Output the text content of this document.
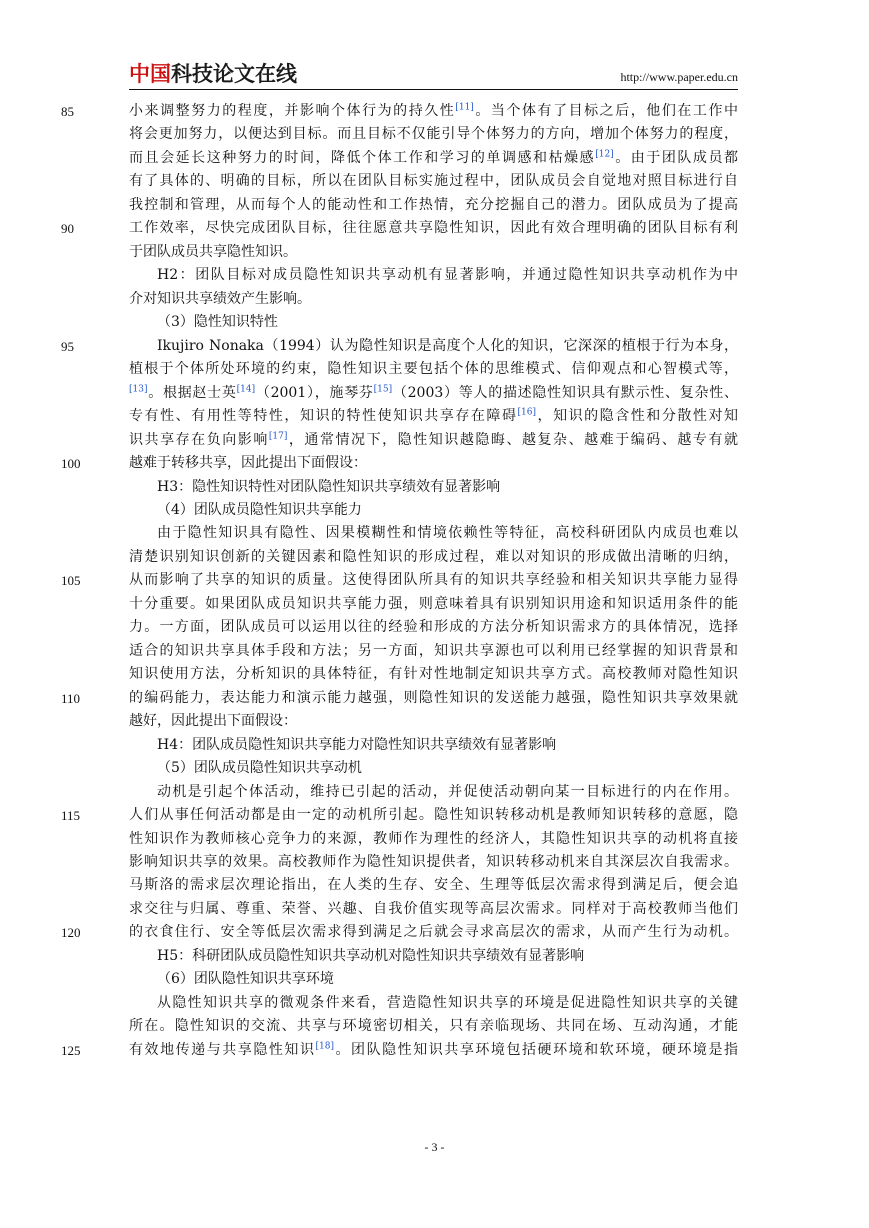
中国科技论文在线	http://www.paper.edu.cn
85	小来调整努力的程度，并影响个体行为的持久性[11]。当个体有了目标之后，他们在工作中
将会更加努力，以便达到目标。而且目标不仅能引导个体努力的方向，增加个体努力的程度，
而且会延长这种努力的时间，降低个体工作和学习的单调感和枯燥感[12]。由于团队成员都
有了具体的、明确的目标，所以在团队目标实施过程中，团队成员会自觉地对照目标进行自
我控制和管理，从而每个人的能动性和工作热情，充分挖掘自己的潜力。团队成员为了提高
90	工作效率，尽快完成团队目标，往往愿意共享隐性知识，因此有效合理明确的团队目标有利
于团队成员共享隐性知识。
H2：团队目标对成员隐性知识共享动机有显著影响，并通过隐性知识共享动机作为中
介对知识共享绩效产生影响。
（3）隐性知识特性
95	Ikujiro Nonaka（1994）认为隐性知识是高度个人化的知识，它深深的植根于行为本身，
植根于个体所处环境的约束，隐性知识主要包括个体的思维模式、信仰观点和心智模式等，
[13]。根据赵士英[14]（2001），施琴芬[15]（2003）等人的描述隐性知识具有默示性、复杂性、
专有性、有用性等特性，知识的特性使知识共享存在障碍[16]，知识的隐含性和分散性对知
识共享存在负向影响[17]，通常情况下，隐性知识越隐晦、越复杂、越难于编码、越专有就
100	越难于转移共享，因此提出下面假设：
H3：隐性知识特性对团队隐性知识共享绩效有显著影响
（4）团队成员隐性知识共享能力
由于隐性知识具有隐性、因果模糊性和情境依赖性等特征，高校科研团队内成员也难以
清楚识别知识创新的关键因素和隐性知识的形成过程，难以对知识的形成做出清晰的归纳，
105	从而影响了共享的知识的质量。这使得团队所具有的知识共享经验和相关知识共享能力显得
十分重要。如果团队成员知识共享能力强，则意味着具有识别知识用途和知识适用条件的能
力。一方面，团队成员可以运用以往的经验和形成的方法分析知识需求方的具体情况，选择
适合的知识共享具体手段和方法；另一方面，知识共享源也可以利用已经掌握的知识背景和
知识使用方法，分析知识的具体特征，有针对性地制定知识共享方式。高校教师对隐性知识
110	的编码能力，表达能力和演示能力越强，则隐性知识的发送能力越强，隐性知识共享效果就
越好，因此提出下面假设：
H4：团队成员隐性知识共享能力对隐性知识共享绩效有显著影响
（5）团队成员隐性知识共享动机
动机是引起个体活动，维持已引起的活动，并促使活动朝向某一目标进行的内在作用。
115	人们从事任何活动都是由一定的动机所引起。隐性知识转移动机是教师知识转移的意愿，隐
性知识作为教师核心竞争力的来源，教师作为理性的经济人，其隐性知识共享的动机将直接
影响知识共享的效果。高校教师作为隐性知识提供者，知识转移动机来自其深层次自我需求。
马斯洛的需求层次理论指出，在人类的生存、安全、生理等低层次需求得到满足后，便会追
求交往与归属、尊重、荣誉、兴趣、自我价值实现等高层次需求。同样对于高校教师当他们
120	的衣食住行、安全等低层次需求得到满足之后就会寻求高层次的需求，从而产生行为动机。
H5：科研团队成员隐性知识共享动机对隐性知识共享绩效有显著影响
（6）团队隐性知识共享环境
从隐性知识共享的微观条件来看，营造隐性知识共享的环境是促进隐性知识共享的关键
所在。隐性知识的交流、共享与环境密切相关，只有亲临现场、共同在场、互动沟通，才能
125	有效地传递与共享隐性知识[18]。团队隐性知识共享环境包括硬环境和软环境，硬环境是指
- 3 -
